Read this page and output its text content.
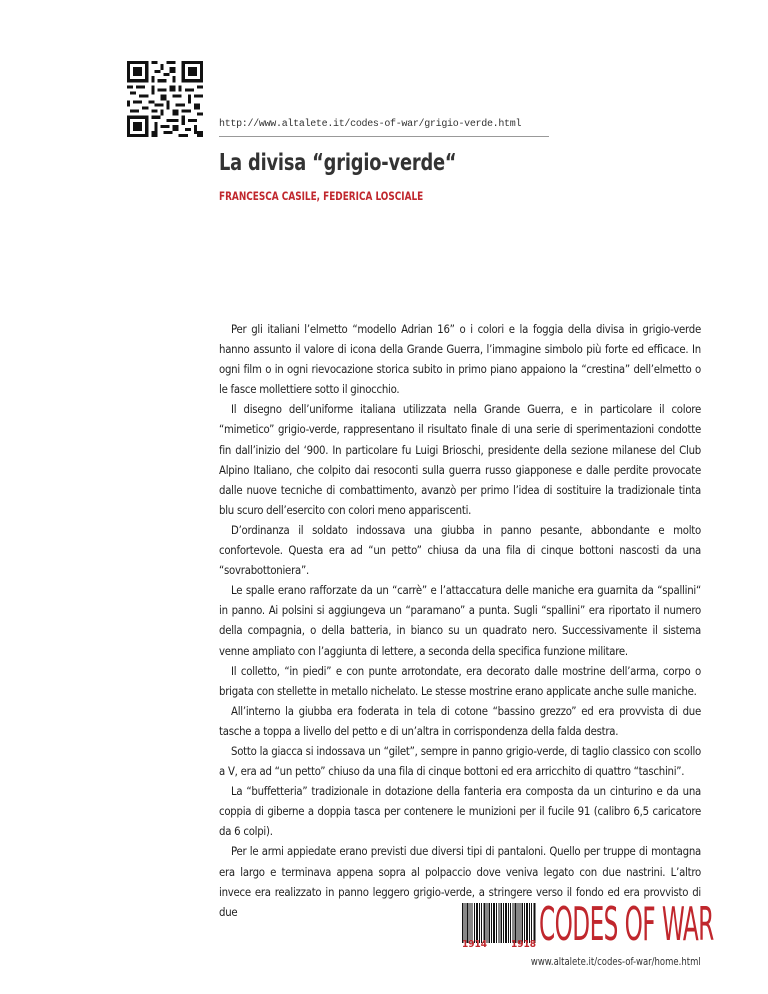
http://www.altalete.it/codes-of-war/grigio-verde.html
La divisa “grigio-verde“
FRANCESCA CASILE, FEDERICA LOSCIALE

Per gli italiani l’elmetto “modello Adrian 16” o i colori e la foggia della divisa in grigio-verde hanno assunto il valore di icona della Grande Guerra, l’immagine simbolo più forte ed efficace. In ogni film o in ogni rievocazione storica subito in primo piano appaiono la “crestina” dell’elmetto o le fasce mollettiere sotto il ginocchio.

Il disegno dell’uniforme italiana utilizzata nella Grande Guerra, e in particolare il colore “mimetico” grigio-verde, rappresentano il risultato finale di una serie di sperimentazioni condotte fin dall’inizio del ‘900. In particolare fu Luigi Brioschi, presidente della sezione milanese del Club Alpino Italiano, che colpito dai resoconti sulla guerra russo giapponese e dalle perdite provocate dalle nuove tecniche di combattimento, avanzò per primo l’idea di sostituire la tradizionale tinta blu scuro dell’esercito con colori meno appariscenti.

D’ordinanza il soldato indossava una giubba in panno pesante, abbondante e molto confortevole. Questa era ad “un petto” chiusa da una fila di cinque bottoni nascosti da una “sovrabottoniera”.

Le spalle erano rafforzate da un “carrè” e l’attaccatura delle maniche era guarnita da “spallini“ in panno. Ai polsini si aggiungeva un “paramano” a punta. Sugli “spallini” era riportato il numero della compagnia, o della batteria, in bianco su un quadrato nero. Successivamente il sistema venne ampliato con l’aggiunta di lettere, a seconda della specifica funzione militare.

Il colletto, “in piedi” e con punte arrotondate, era decorato dalle mostrine dell’arma, corpo o brigata con stellette in metallo nichelato. Le stesse mostrine erano applicate anche sulle maniche.

All’interno la giubba era foderata in tela di cotone “bassino grezzo” ed era provvista di due tasche a toppa a livello del petto e di un’altra in corrispondenza della falda destra.

Sotto la giacca si indossava un “gilet”, sempre in panno grigio-verde, di taglio classico con scollo a V, era ad “un petto” chiuso da una fila di cinque bottoni ed era arricchito di quattro “taschini”.

La “buffetteria” tradizionale in dotazione della fanteria era composta da un cinturino e da una coppia di giberne a doppia tasca per contenere le munizioni per il fucile 91 (calibro 6,5 caricatore da 6 colpi).

Per le armi appiedate erano previsti due diversi tipi di pantaloni. Quello per truppe di montagna era largo e terminava appena sopra al polpaccio dove veniva legato con due nastrini. L’altro invece era realizzato in panno leggero grigio-verde, a stringere verso il fondo ed era provvisto di due

1914 1918 CODES OF WAR
www.altalete.it/codes-of-war/home.html
